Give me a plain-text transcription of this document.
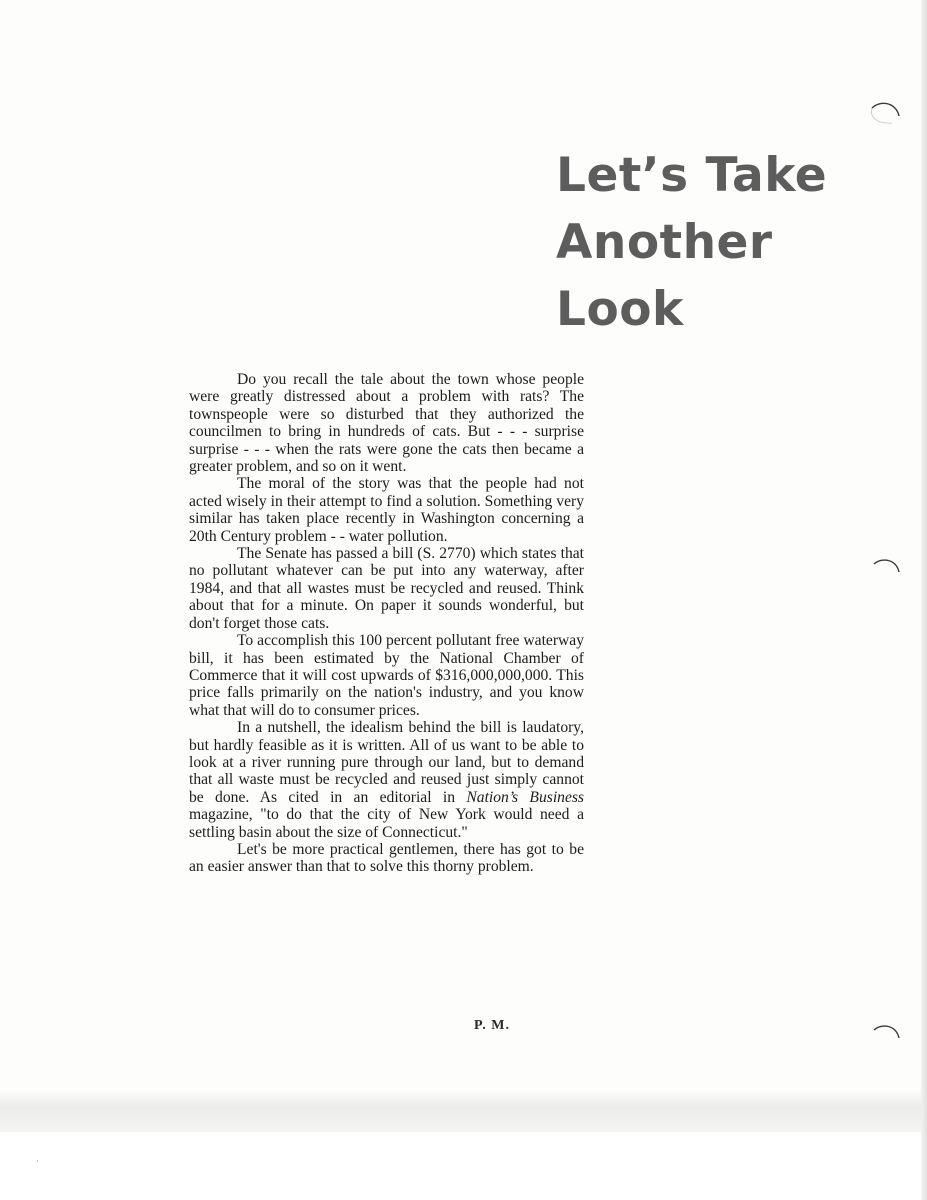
Let’s Take
Another
Look

Do you recall the tale about the town whose people were greatly distressed about a problem with rats? The townspeople were so disturbed that they authorized the councilmen to bring in hundreds of cats. But - - - surprise surprise - - - when the rats were gone the cats then became a greater problem, and so on it went.

The moral of the story was that the people had not acted wisely in their attempt to find a solution. Something very similar has taken place recently in Washington concerning a 20th Century problem - - water pollution.

The Senate has passed a bill (S. 2770) which states that no pollutant whatever can be put into any waterway, after 1984, and that all wastes must be recycled and reused. Think about that for a minute. On paper it sounds wonderful, but don't forget those cats.

To accomplish this 100 percent pollutant free waterway bill, it has been estimated by the National Chamber of Commerce that it will cost upwards of $316,000,000,000. This price falls primarily on the nation's industry, and you know what that will do to consumer prices.

In a nutshell, the idealism behind the bill is laudatory, but hardly feasible as it is written. All of us want to be able to look at a river running pure through our land, but to demand that all waste must be recycled and reused just simply cannot be done. As cited in an editorial in Nation’s Business magazine, "to do that the city of New York would need a settling basin about the size of Connecticut."

Let's be more practical gentlemen, there has got to be an easier answer than that to solve this thorny problem.

P. M.
·
